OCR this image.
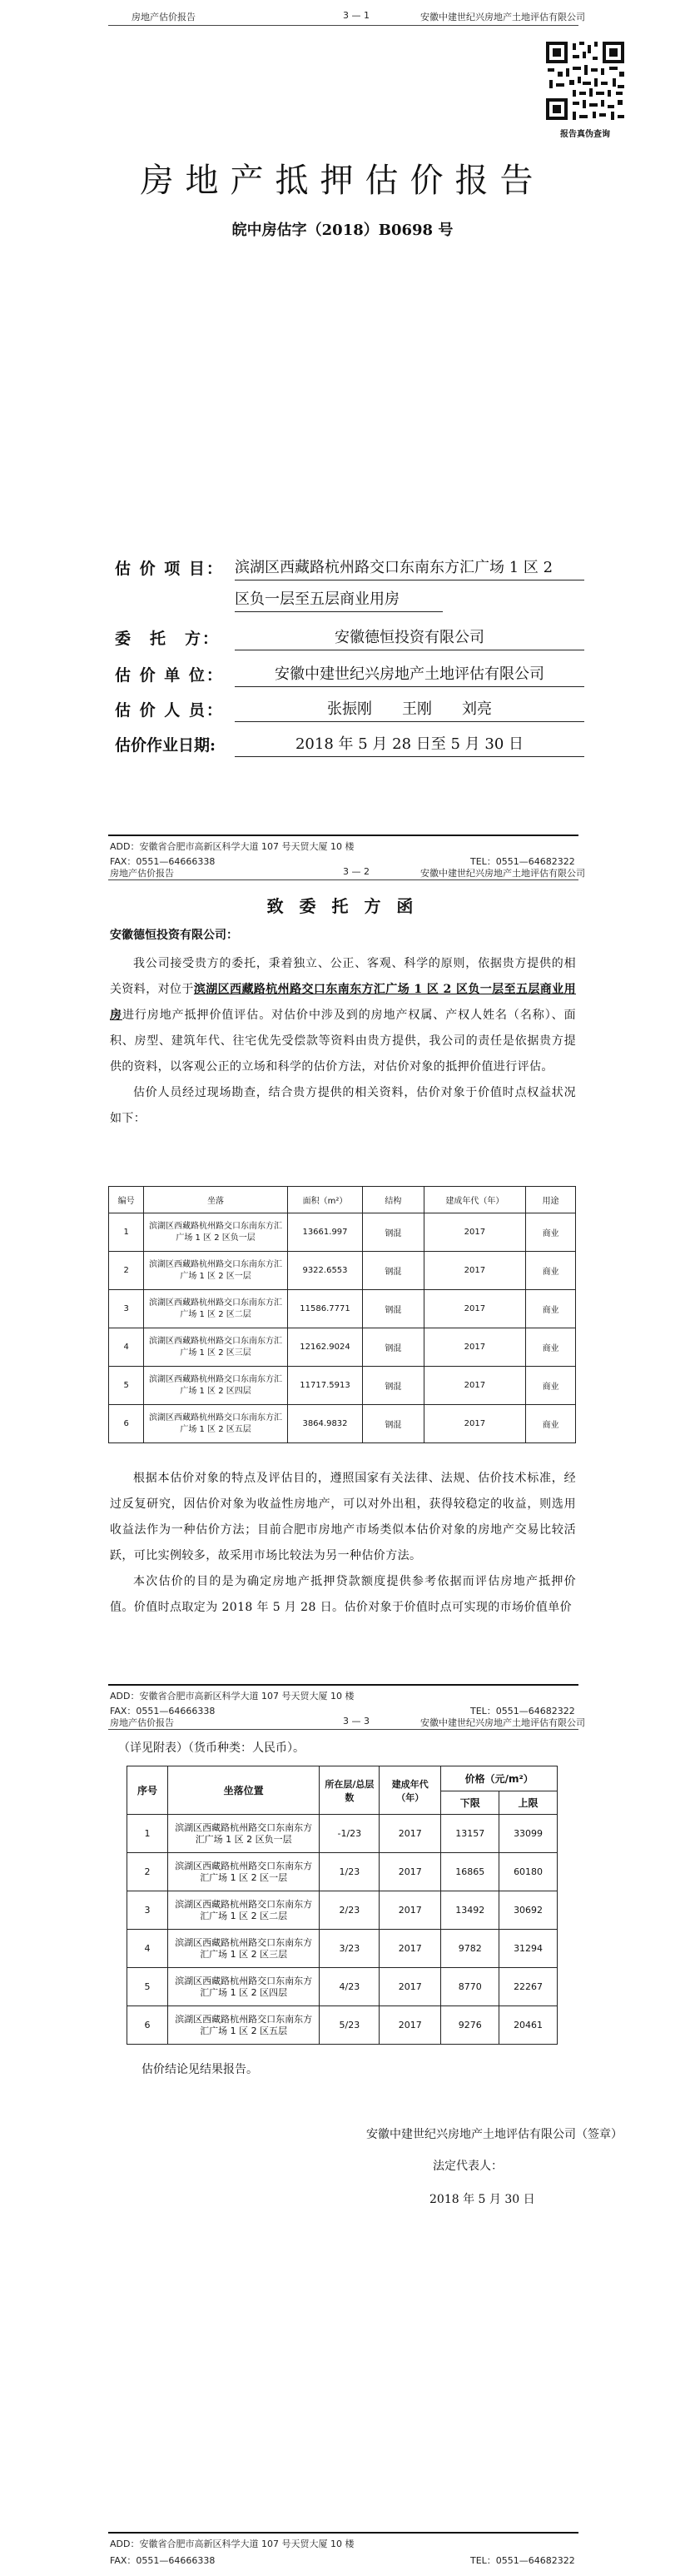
房地产估价报告	3 — 1	安徽中建世纪兴房地产土地评估有限公司
报告真伪查询
房地产抵押估价报告
皖中房估字（2018）B0698 号
估 价 项 目： 滨湖区西藏路杭州路交口东南东方汇广场 1 区 2
区负一层至五层商业用房
委　托　方：	安徽德恒投资有限公司
估 价 单 位：	安徽中建世纪兴房地产土地评估有限公司
估 价 人 员：	张振刚　　王刚　　刘亮
估价作业日期:	2018 年 5 月 28 日至 5 月 30 日
ADD：安徽省合肥市高新区科学大道 107 号天贸大厦 10 楼
FAX：0551—64666338	TEL：0551—64682322
房地产估价报告	3 — 2	安徽中建世纪兴房地产土地评估有限公司
致 委 托 方 函
安徽德恒投资有限公司：

我公司接受贵方的委托，秉着独立、公正、客观、科学的原则，依据贵方提供的相关资料，对位于滨湖区西藏路杭州路交口东南东方汇广场 1 区 2 区负一层至五层商业用房进行房地产抵押价值评估。对估价中涉及到的房地产权属、产权人姓名（名称）、面积、房型、建筑年代、往宅优先受偿款等资料由贵方提供，我公司的责任是依据贵方提供的资料，以客观公正的立场和科学的估价方法，对估价对象的抵押价值进行评估。

估价人员经过现场勘查，结合贵方提供的相关资料，估价对象于价值时点权益状况如下：

编号	坐落	面积（m²）	结构	建成年代（年）	用途
1	滨湖区西藏路杭州路交口东南东方汇广场 1 区 2 区负一层	13661.997	钢混	2017	商业
2	滨湖区西藏路杭州路交口东南东方汇广场 1 区 2 区一层	9322.6553	钢混	2017	商业
3	滨湖区西藏路杭州路交口东南东方汇广场 1 区 2 区二层	11586.7771	钢混	2017	商业
4	滨湖区西藏路杭州路交口东南东方汇广场 1 区 2 区三层	12162.9024	钢混	2017	商业
5	滨湖区西藏路杭州路交口东南东方汇广场 1 区 2 区四层	11717.5913	钢混	2017	商业
6	滨湖区西藏路杭州路交口东南东方汇广场 1 区 2 区五层	3864.9832	钢混	2017	商业

根据本估价对象的特点及评估目的，遵照国家有关法律、法规、估价技术标准，经过反复研究，因估价对象为收益性房地产，可以对外出租，获得较稳定的收益，则选用收益法作为一种估价方法；目前合肥市房地产市场类似本估价对象的房地产交易比较活跃，可比实例较多，故采用市场比较法为另一种估价方法。

本次估价的目的是为确定房地产抵押贷款额度提供参考依据而评估房地产抵押价值。价值时点取定为 2018 年 5 月 28 日。估价对象于价值时点可实现的市场价值单价

ADD：安徽省合肥市高新区科学大道 107 号天贸大厦 10 楼
FAX：0551—64666338	TEL：0551—64682322
房地产估价报告	3 — 3	安徽中建世纪兴房地产土地评估有限公司
（详见附表）（货币种类：人民币）。
序号	坐落位置	所在层/总层数	建成年代（年）	价格（元/m²）	
				下限	上限
1	滨湖区西藏路杭州路交口东南东方汇广场 1 区 2 区负一层	-1/23	2017	13157	33099
2	滨湖区西藏路杭州路交口东南东方汇广场 1 区 2 区一层	1/23	2017	16865	60180
3	滨湖区西藏路杭州路交口东南东方汇广场 1 区 2 区二层	2/23	2017	13492	30692
4	滨湖区西藏路杭州路交口东南东方汇广场 1 区 2 区三层	3/23	2017	9782	31294
5	滨湖区西藏路杭州路交口东南东方汇广场 1 区 2 区四层	4/23	2017	8770	22267
6	滨湖区西藏路杭州路交口东南东方汇广场 1 区 2 区五层	5/23	2017	9276	20461
估价结论见结果报告。
安徽中建世纪兴房地产土地评估有限公司（签章）
法定代表人：
2018 年 5 月 30 日
ADD：安徽省合肥市高新区科学大道 107 号天贸大厦 10 楼
FAX：0551—64666338	TEL：0551—64682322
